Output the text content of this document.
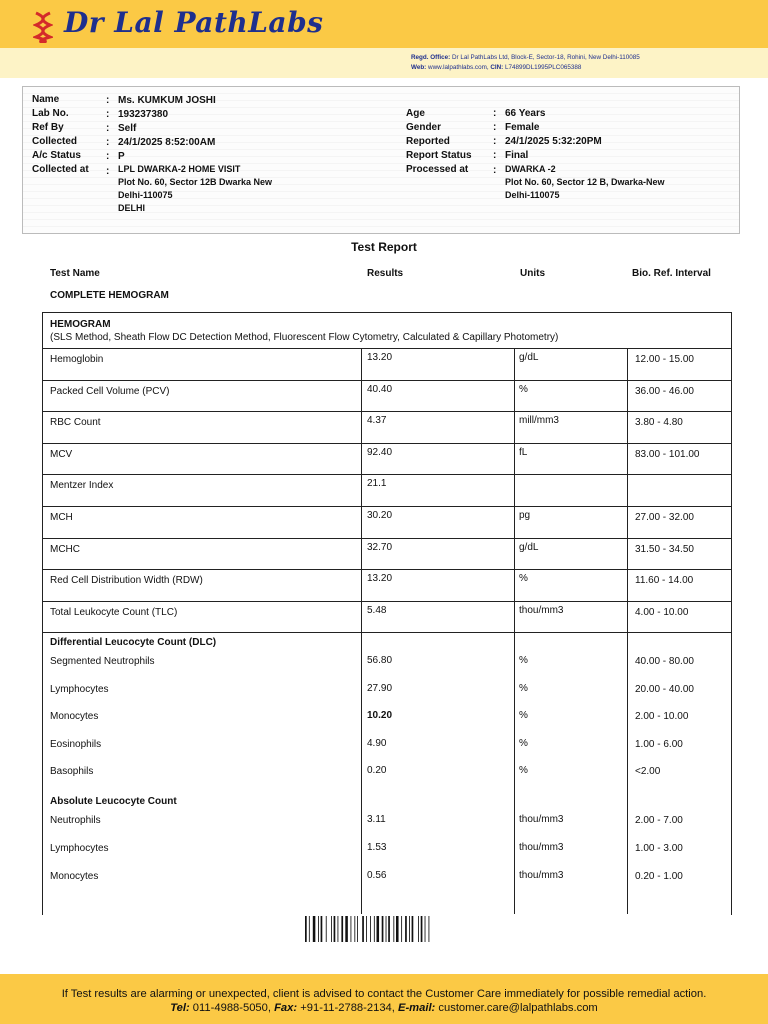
Dr Lal PathLabs
Regd. Office: Dr Lal PathLabs Ltd, Block-E, Sector-18, Rohini, New Delhi-110085
Web: www.lalpathlabs.com, CIN: L74899DL1995PLC065388
Name	: Ms. KUMKUM JOSHI
Lab No.	: 193237380
Ref By	: Self
Collected	: 24/1/2025 8:52:00AM
A/c Status	: P
Collected at : LPL DWARKA-2 HOME VISIT
Plot No. 60, Sector 12B Dwarka New
Delhi-110075
DELHI
Age	: 66 Years
Gender	: Female
Reported	: 24/1/2025 5:32:20PM
Report Status : Final
Processed at : DWARKA -2
Plot No. 60, Sector 12 B, Dwarka-New
Delhi-110075
Test Report
Test Name	Results	Units	Bio. Ref. Interval
COMPLETE HEMOGRAM
HEMOGRAM
(SLS Method, Sheath Flow DC Detection Method, Fluorescent Flow Cytometry, Calculated & Capillary Photometry)
Hemoglobin	13.20	g/dL	12.00 - 15.00
Packed Cell Volume (PCV)	40.40	%	36.00 - 46.00
RBC Count	4.37	mill/mm3	3.80 - 4.80
MCV	92.40	fL	83.00 - 101.00
Mentzer Index	21.1
MCH	30.20	pg	27.00 - 32.00
MCHC	32.70	g/dL	31.50 - 34.50
Red Cell Distribution Width (RDW)	13.20	%	11.60 - 14.00
Total Leukocyte Count (TLC)	5.48	thou/mm3	4.00 - 10.00
Differential Leucocyte Count (DLC)
Segmented Neutrophils	56.80	%	40.00 - 80.00
Lymphocytes	27.90	%	20.00 - 40.00
Monocytes	10.20	%	2.00 - 10.00
Eosinophils	4.90	%	1.00 - 6.00
Basophils	0.20	%	<2.00
Absolute Leucocyte Count
Neutrophils	3.11	thou/mm3	2.00 - 7.00
Lymphocytes	1.53	thou/mm3	1.00 - 3.00
Monocytes	0.56	thou/mm3	0.20 - 1.00
If Test results are alarming or unexpected, client is advised to contact the Customer Care immediately for possible remedial action.
Tel: 011-4988-5050, Fax: +91-11-2788-2134, E-mail: customer.care@lalpathlabs.com
